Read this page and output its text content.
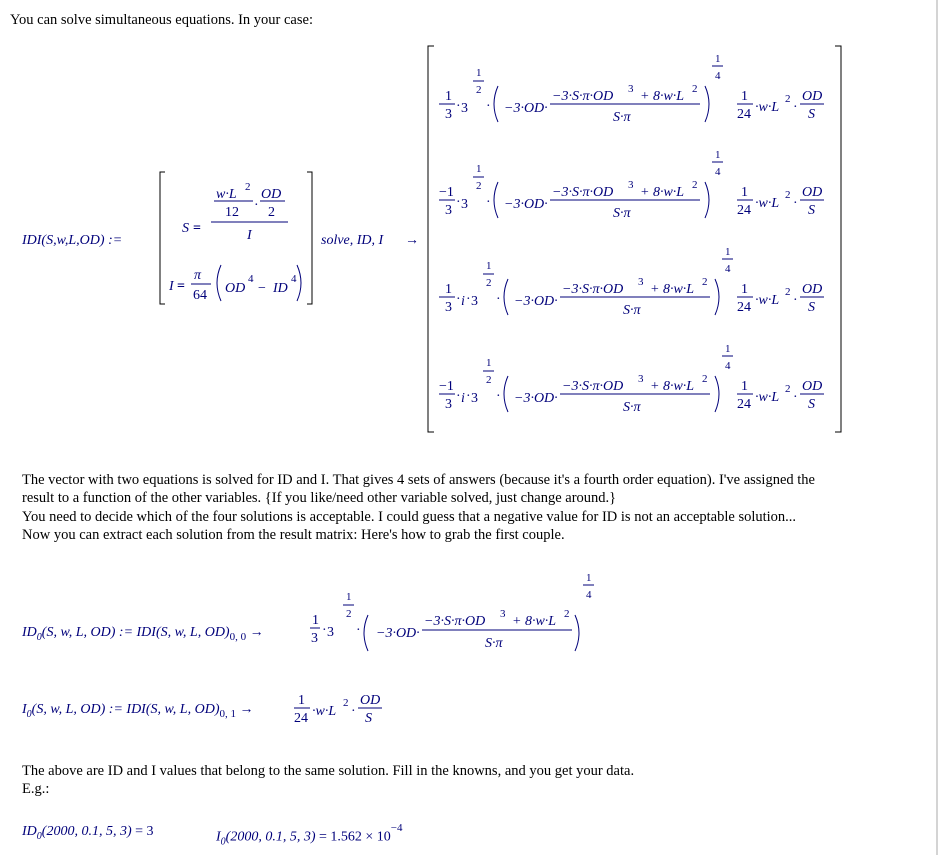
You can solve simultaneous equations. In your case:
IDI(S,w,L,OD) :=
S =
w·L 2
12 ·
OD
2
I
I =
π
64 OD
4
− ID
4
solve, ID, I →
1
3
· 3
1
2
· −3·OD·
−3·S·π·OD 3 + 8·w·L 2
S·π
1
4
1
24 ·w·L
2
·
OD
S
−1
3
· 3
1
2
· −3·OD·
−3·S·π·OD 3 + 8·w·L 2
S·π
1
4
1
24 ·w·L
2
·
OD
S
1
3
· i · 3
1
2
· −3·OD·
−3·S·π·OD 3 + 8·w·L 2
S·π
1
4
1
24 ·w·L
2
·
OD
S
−1
3
· i · 3
1
2
· −3·OD·
−3·S·π·OD 3 + 8·w·L 2
S·π
1
4
1
24 ·w·L
2
·
OD
S
The vector with two equations is solved for ID and I. That gives 4 sets of answers (because it's a fourth order equation). I've assigned the
result to a function of the other variables. {If you like/need other variable solved, just change around.}
You need to decide which of the four solutions is acceptable. I could guess that a negative value for ID is not an acceptable solution...
Now you can extract each solution from the result matrix: Here's how to grab the first couple.
$ID_0(S$, w, L, OD) := IDI(S, w, L, $OD)_{0, 0}$ →
1
3
· 3
1
2
· −3·OD·
−3·S·π·OD 3 + 8·w·L 2
S·π
1
4
$I_0(S$, w, L, OD) := IDI(S, w, L, $OD)_{0, 1}$ →
1
24 ·w·L
2
·
OD
S
The above are ID and I values that belong to the same solution. Fill in the knowns, and you get your data.
E.g.:
$ID_0(2000$, 0.1, 5, 3) = 3	$I_0(2000$, 0.1, 5, $3) = 1.562 \times 10^{-4}$
